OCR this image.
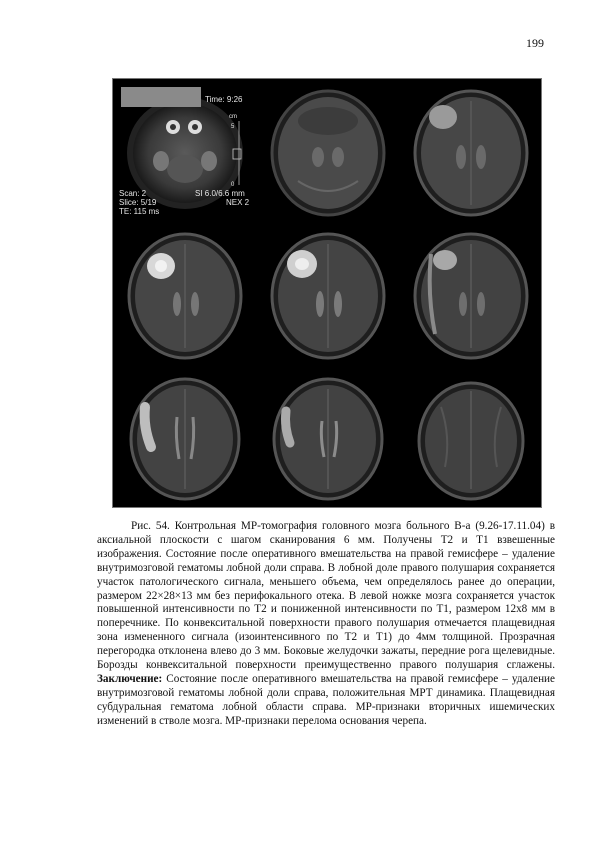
199
Time: 9:26
cm
5
0
Scan: 2
Slice: 5/19
TE: 115 ms
SI 6.0/6.6 mm
NEX 2

Рис. 54. Контрольная МР-томография головного мозга больного В-а (9.26-17.11.04) в аксиальной плоскости с шагом сканирования 6 мм. Получены Т2 и Т1 взвешенные изображения. Состояние после оперативного вмешательства на правой гемисфере – удаление внутримозговой гематомы лобной доли справа. В лобной доле правого полушария сохраняется участок патологического сигнала, меньшего объема, чем определялось ранее до операции, размером 22×28×13 мм без перифокального отека. В левой ножке мозга сохраняется участок повышенной интенсивности по Т2 и пониженной интенсивности по Т1, размером 12х8 мм в поперечнике. По конвекситальной поверхности правого полушария отмечается плащевидная зона измененного сигнала (изоинтенсивного по Т2 и Т1) до 4мм толщиной. Прозрачная перегородка отклонена влево до 3 мм. Боковые желудочки зажаты, передние рога щелевидные. Борозды конвекситальной поверхности преимущественно правого полушария сглажены. Заключение: Состояние после оперативного вмешательства на правой гемисфере – удаление внутримозговой гематомы лобной доли справа, положительная МРТ динамика. Плащевидная субдуральная гематома лобной области справа. МР-признаки вторичных ишемических изменений в стволе мозга. МР-признаки перелома основания черепа.
